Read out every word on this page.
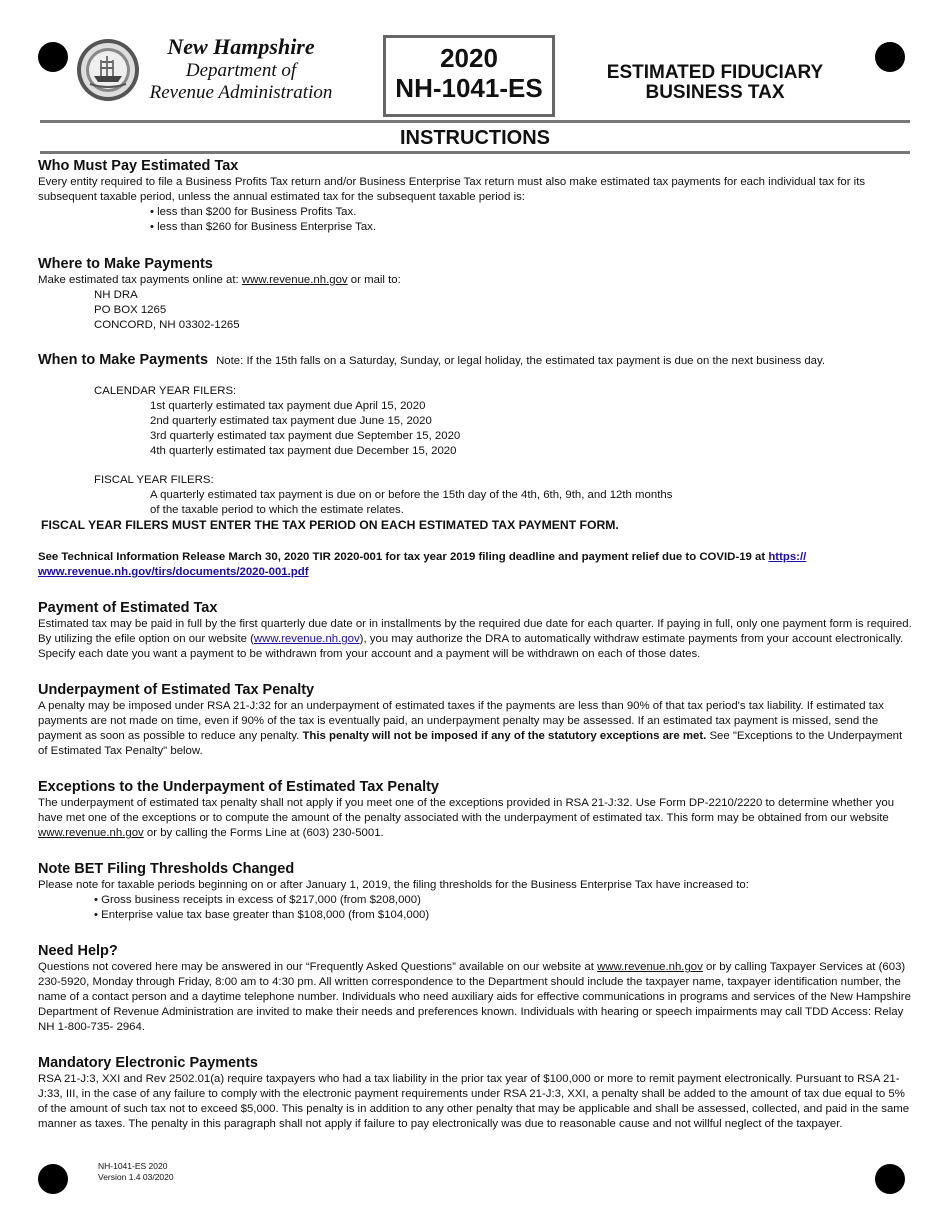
New Hampshire
Department of
Revenue Administration
2020
NH-1041-ES
ESTIMATED FIDUCIARY
BUSINESS TAX
INSTRUCTIONS
Who Must Pay Estimated Tax

Every entity required to file a Business Profits Tax return and/or Business Enterprise Tax return must also make estimated tax payments for each individual tax for its subsequent taxable period, unless the annual estimated tax for the subsequent taxable period is:

• less than $200 for Business Profits Tax.

• less than $260 for Business Enterprise Tax.

Where to Make Payments

Make estimated tax payments online at: www.revenue.nh.gov or mail to:

NH DRA

PO BOX 1265

CONCORD, NH 03302-1265

When to Make Payments Note: If the 15th falls on a Saturday, Sunday, or legal holiday, the estimated tax payment is due on the next business day.

CALENDAR YEAR FILERS:

1st quarterly estimated tax payment due April 15, 2020

2nd quarterly estimated tax payment due June 15, 2020

3rd quarterly estimated tax payment due September 15, 2020

4th quarterly estimated tax payment due December 15, 2020

FISCAL YEAR FILERS:

A quarterly estimated tax payment is due on or before the 15th day of the 4th, 6th, 9th, and 12th months

of the taxable period to which the estimate relates.

FISCAL YEAR FILERS MUST ENTER THE TAX PERIOD ON EACH ESTIMATED TAX PAYMENT FORM.

See Technical Information Release March 30, 2020 TIR 2020-001 for tax year 2019 filing deadline and payment relief due to COVID-19 at https://
www.revenue.nh.gov/tirs/documents/2020-001.pdf

Payment of Estimated Tax

Estimated tax may be paid in full by the first quarterly due date or in installments by the required due date for each quarter. If paying in full, only one payment form is required. By utilizing the efile option on our website (www.revenue.nh.gov), you may authorize the DRA to automatically withdraw estimate payments from your account electronically. Specify each date you want a payment to be withdrawn from your account and a payment will be withdrawn on each of those dates.

Underpayment of Estimated Tax Penalty

A penalty may be imposed under RSA 21-J:32 for an underpayment of estimated taxes if the payments are less than 90% of that tax period's tax liability. If estimated tax payments are not made on time, even if 90% of the tax is eventually paid, an underpayment penalty may be assessed. If an estimated tax payment is missed, send the payment as soon as possible to reduce any penalty. This penalty will not be imposed if any of the statutory exceptions are met. See "Exceptions to the Underpayment of Estimated Tax Penalty" below.

Exceptions to the Underpayment of Estimated Tax Penalty

The underpayment of estimated tax penalty shall not apply if you meet one of the exceptions provided in RSA 21-J:32. Use Form DP-2210/2220 to determine whether you have met one of the exceptions or to compute the amount of the penalty associated with the underpayment of estimated tax. This form may be obtained from our website www.revenue.nh.gov or by calling the Forms Line at (603) 230-5001.

Note BET Filing Thresholds Changed

Please note for taxable periods beginning on or after January 1, 2019, the filing thresholds for the Business Enterprise Tax have increased to:

• Gross business receipts in excess of $217,000 (from $208,000)

• Enterprise value tax base greater than $108,000 (from $104,000)

Need Help?

Questions not covered here may be answered in our “Frequently Asked Questions” available on our website at www.revenue.nh.gov or by calling Taxpayer Services at (603) 230-5920, Monday through Friday, 8:00 am to 4:30 pm. All written correspondence to the Department should include the taxpayer name, taxpayer identification number, the name of a contact person and a daytime telephone number. Individuals who need auxiliary aids for effective communications in programs and services of the New Hampshire Department of Revenue Administration are invited to make their needs and preferences known. Individuals with hearing or speech impairments may call TDD Access: Relay NH 1-800-735- 2964.

Mandatory Electronic Payments

RSA 21-J:3, XXI and Rev 2502.01(a) require taxpayers who had a tax liability in the prior tax year of $100,000 or more to remit payment electronically. Pursuant to RSA 21-J:33, III, in the case of any failure to comply with the electronic payment requirements under RSA 21-J:3, XXI, a penalty shall be added to the amount of tax due equal to 5% of the amount of such tax not to exceed $5,000. This penalty is in addition to any other penalty that may be applicable and shall be assessed, collected, and paid in the same manner as taxes. The penalty in this paragraph shall not apply if failure to pay electronically was due to reasonable cause and not willful neglect of the taxpayer.

NH-1041-ES 2020
Version 1.4 03/2020
